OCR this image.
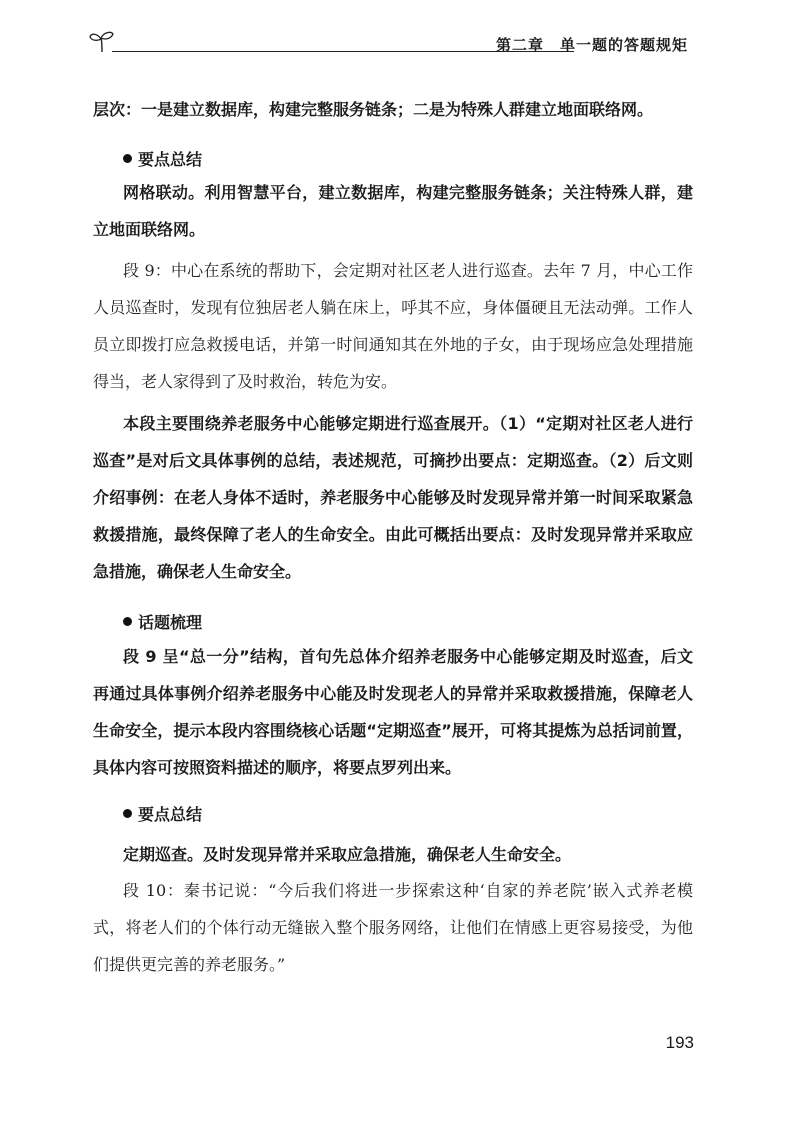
第二章　单一题的答题规矩

层次：一是建立数据库，构建完整服务链条；二是为特殊人群建立地面联络网。

要点总结

网格联动。利用智慧平台，建立数据库，构建完整服务链条；关注特殊人群，建立地面联络网。

段 9：中心在系统的帮助下，会定期对社区老人进行巡查。去年 7 月，中心工作人员巡查时，发现有位独居老人躺在床上，呼其不应，身体僵硬且无法动弹。工作人员立即拨打应急救援电话，并第一时间通知其在外地的子女，由于现场应急处理措施得当，老人家得到了及时救治，转危为安。

本段主要围绕养老服务中心能够定期进行巡查展开。（1）“定期对社区老人进行巡查”是对后文具体事例的总结，表述规范，可摘抄出要点：定期巡查。（2）后文则介绍事例：在老人身体不适时，养老服务中心能够及时发现异常并第一时间采取紧急救援措施，最终保障了老人的生命安全。由此可概括出要点：及时发现异常并采取应急措施，确保老人生命安全。

话题梳理

段 9 呈“总一分”结构，首句先总体介绍养老服务中心能够定期及时巡查，后文再通过具体事例介绍养老服务中心能及时发现老人的异常并采取救援措施，保障老人生命安全，提示本段内容围绕核心话题“定期巡查”展开，可将其提炼为总括词前置，具体内容可按照资料描述的顺序，将要点罗列出来。

要点总结

定期巡查。及时发现异常并采取应急措施，确保老人生命安全。

段 10：秦书记说：“今后我们将进一步探索这种‘自家的养老院’嵌入式养老模式，将老人们的个体行动无缝嵌入整个服务网络，让他们在情感上更容易接受，为他们提供更完善的养老服务。”

193
